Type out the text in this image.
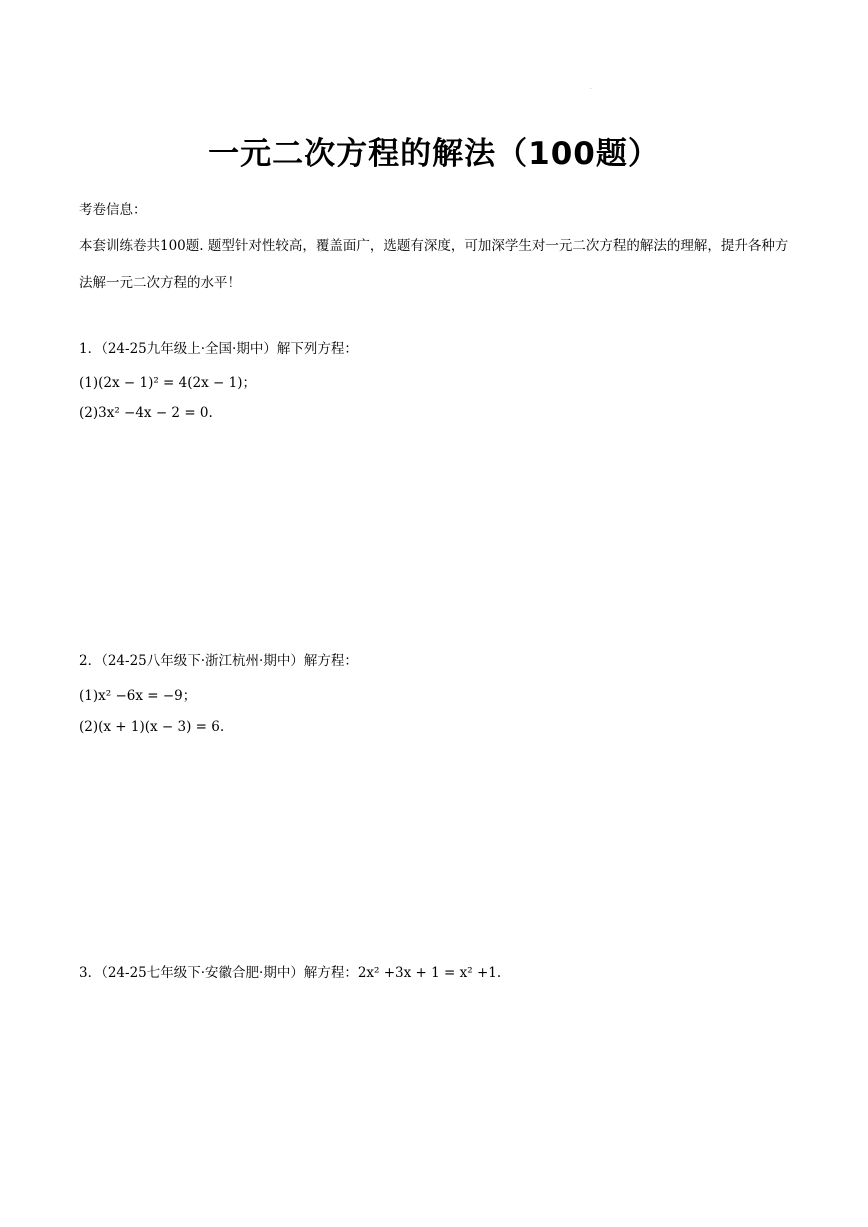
·
一元二次方程的解法（100题）
考卷信息：
本套训练卷共100题. 题型针对性较高，覆盖面广，选题有深度，可加深学生对一元二次方程的解法的理解，提升各种方法解一元二次方程的水平！
1．（24-25九年级上·全国·期中）解下列方程：
(1)(2x − 1)² = 4(2x − 1)；
(2)3x² −4x − 2 = 0.
2．（24-25八年级下·浙江杭州·期中）解方程：
(1)x² −6x = −9；
(2)(x + 1)(x − 3) = 6.
3．（24-25七年级下·安徽合肥·期中）解方程：2x² +3x + 1 = x² +1.
